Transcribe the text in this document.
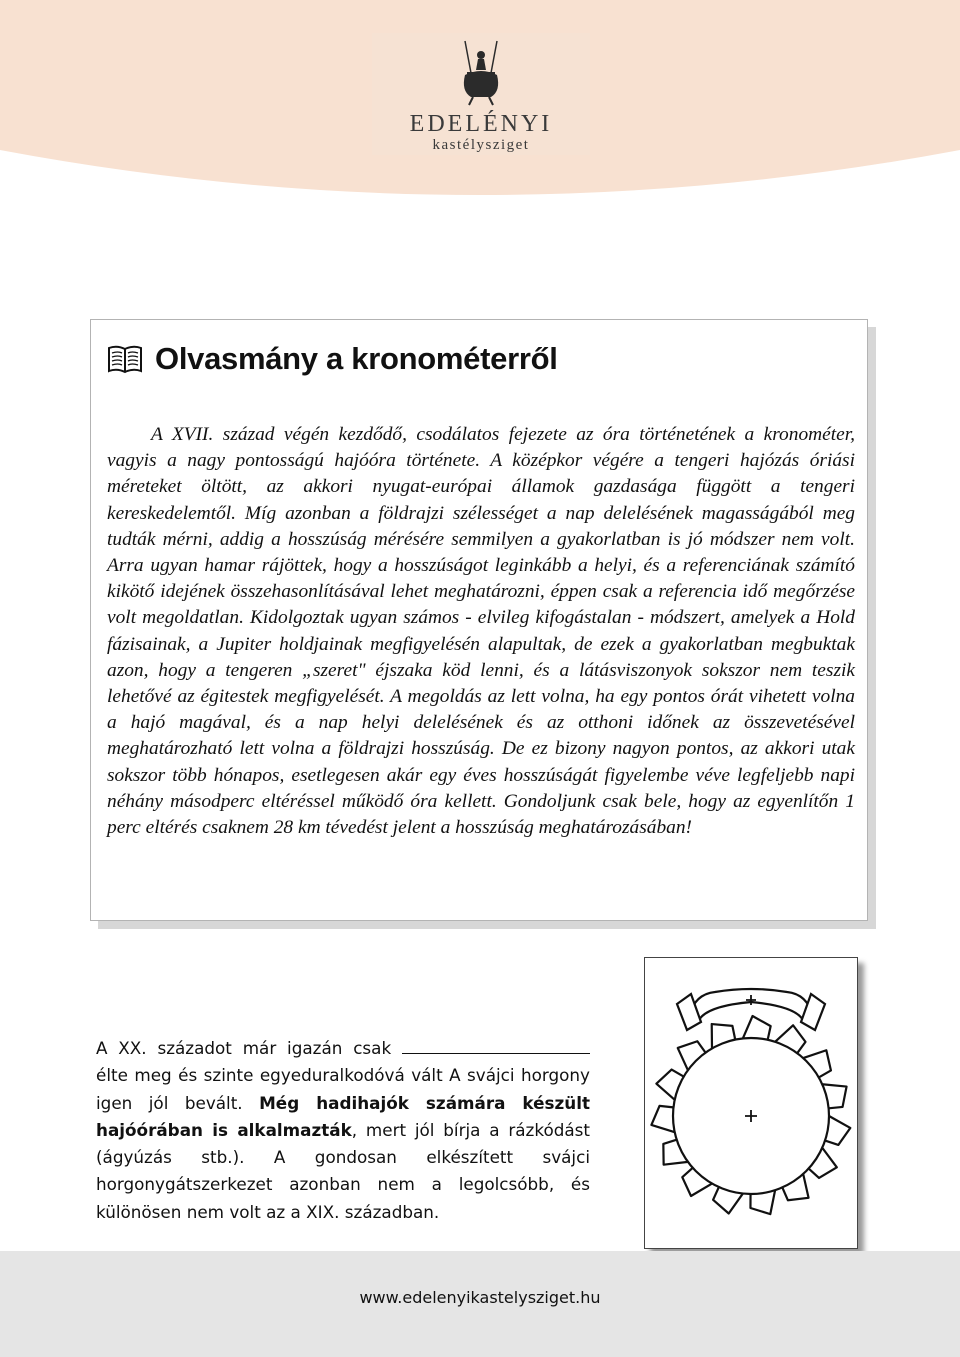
EDELÉNYI
kastélysziget
Olvasmány a kronométerről

A XVII. század végén kezdődő, csodálatos fejezete az óra történetének a kronométer, vagyis a nagy pontosságú hajóóra története. A középkor végére a tengeri hajózás óriási méreteket öltött, az akkori nyugat-európai államok gazdasága függött a tengeri kereskedelemtől. Míg azonban a földrajzi szélességet a nap delelésének magasságából meg tudták mérni, addig a hosszúság mérésére semmilyen a gyakorlatban is jó módszer nem volt. Arra ugyan hamar rájöttek, hogy a hosszúságot leginkább a helyi, és a referenciának számító kikötő idejének összehasonlításával lehet meghatározni, éppen csak a referencia idő megőrzése volt megoldatlan. Kidolgoztak ugyan számos - elvileg kifogástalan - módszert, amelyek a Hold fázisainak, a Jupiter holdjainak megfigyelésén alapultak, de ezek a gyakorlatban megbuktak azon, hogy a tengeren „szeret" éjszaka köd lenni, és a látásviszonyok sokszor nem teszik lehetővé az égitestek megfigyelését. A megoldás az lett volna, ha egy pontos órát vihetett volna a hajó magával, és a nap helyi delelésének és az otthoni időnek az összevetésével meghatározható lett volna a földrajzi hosszúság. De ez bizony nagyon pontos, az akkori utak sokszor több hónapos, esetlegesen akár egy éves hosszúságát figyelembe véve legfeljebb napi néhány másodperc eltéréssel működő óra kellett. Gondoljunk csak bele, hogy az egyenlítőn 1 perc eltérés csaknem 28 km tévedést jelent a hosszúság meghatározásában!

A XX. századot már igazán csak  élte meg és szinte egyeduralkodóvá vált A svájci horgony igen jól bevált. Még hadihajók számára készült hajóórában is alkalmazták, mert jól bírja a rázkódást (ágyúzás stb.). A gondosan elkészített svájci horgonygátszerkezet azonban nem a legolcsóbb, és különösen nem volt az a XIX. században.

www.edelenyikastelysziget.hu
